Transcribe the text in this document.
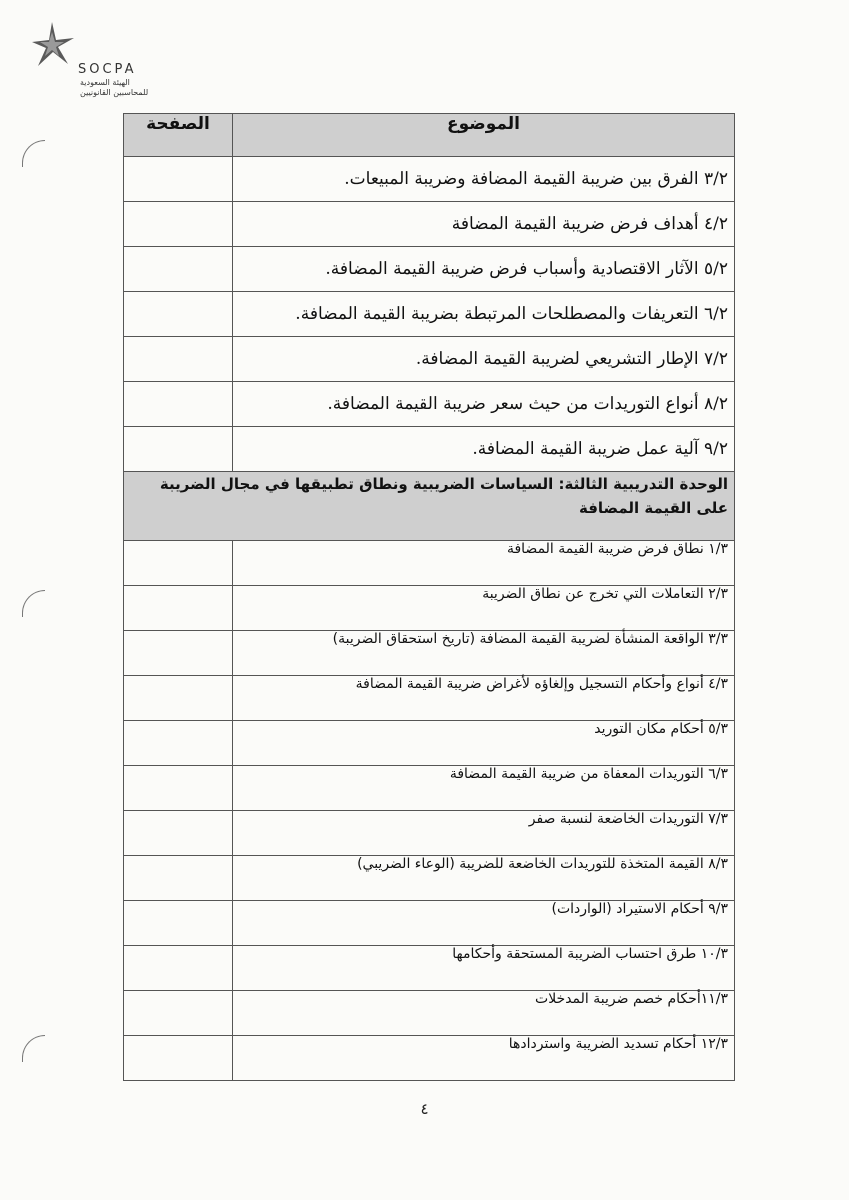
SOCPA
الهيئة السعودية
للمحاسبين القانونيين
الموضوع	الصفحة
٣/٢ الفرق بين ضريبة القيمة المضافة وضريبة المبيعات.	
٤/٢ أهداف فرض ضريبة القيمة المضافة	
٥/٢ الآثار الاقتصادية وأسباب فرض ضريبة القيمة المضافة.	
٦/٢ التعريفات والمصطلحات المرتبطة بضريبة القيمة المضافة.	
٧/٢ الإطار التشريعي لضريبة القيمة المضافة.	
٨/٢ أنواع التوريدات من حيث سعر ضريبة القيمة المضافة.	
٩/٢ آلية عمل ضريبة القيمة المضافة.	
الوحدة التدريبية الثالثة: السياسات الضريبية ونطاق تطبيقها في مجال الضريبة على القيمة المضافة	
١/٣ نطاق فرض ضريبة القيمة المضافة	
٢/٣ التعاملات التي تخرج عن نطاق الضريبة	
٣/٣ الواقعة المنشأة لضريبة القيمة المضافة (تاريخ استحقاق الضريبة)	
٤/٣ أنواع وأحكام التسجيل وإلغاؤه لأغراض ضريبة القيمة المضافة	
٥/٣ أحكام مكان التوريد	
٦/٣ التوريدات المعفاة من ضريبة القيمة المضافة	
٧/٣ التوريدات الخاضعة لنسبة صفر	
٨/٣ القيمة المتخذة للتوريدات الخاضعة للضريبة (الوعاء الضريبي)	
٩/٣ أحكام الاستيراد (الواردات)	
١٠/٣ طرق احتساب الضريبة المستحقة وأحكامها	
١١/٣أحكام خصم ضريبة المدخلات	
١٢/٣ أحكام تسديد الضريبة واستردادها	
٤
